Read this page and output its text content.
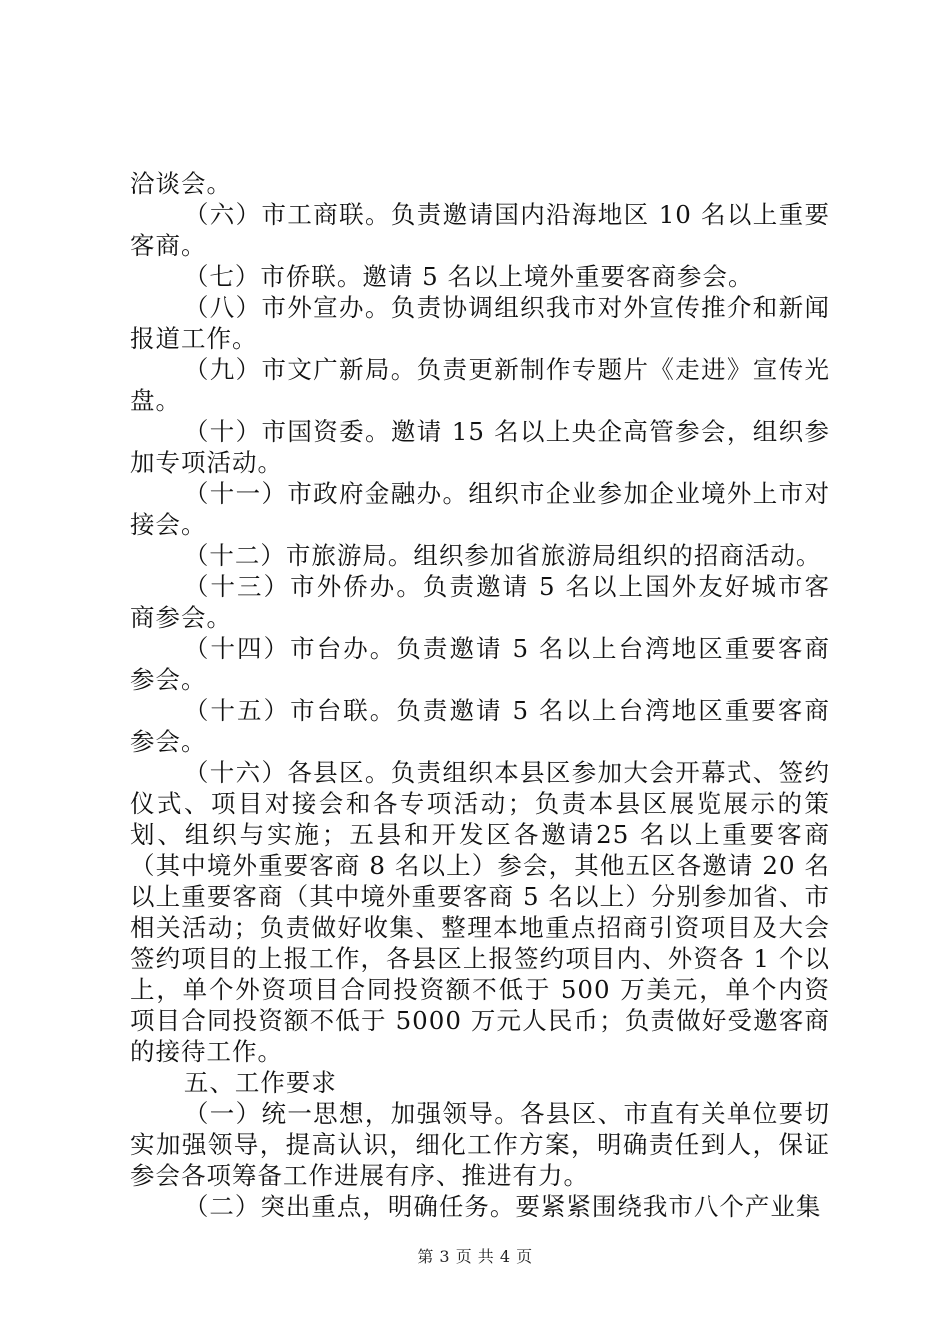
洽谈会。

（六）市工商联。负责邀请国内沿海地区 10 名以上重要客商。

（七）市侨联。邀请 5 名以上境外重要客商参会。

（八）市外宣办。负责协调组织我市对外宣传推介和新闻报道工作。

（九）市文广新局。负责更新制作专题片《走进》宣传光盘。

（十）市国资委。邀请 15 名以上央企高管参会，组织参加专项活动。

（十一）市政府金融办。组织市企业参加企业境外上市对接会。

（十二）市旅游局。组织参加省旅游局组织的招商活动。

（十三）市外侨办。负责邀请 5 名以上国外友好城市客商参会。

（十四）市台办。负责邀请 5 名以上台湾地区重要客商参会。

（十五）市台联。负责邀请 5 名以上台湾地区重要客商参会。

（十六）各县区。负责组织本县区参加大会开幕式、签约仪式、项目对接会和各专项活动；负责本县区展览展示的策划、组织与实施；五县和开发区各邀请25 名以上重要客商（其中境外重要客商 8 名以上）参会，其他五区各邀请 20 名以上重要客商（其中境外重要客商 5 名以上）分别参加省、市相关活动；负责做好收集、整理本地重点招商引资项目及大会签约项目的上报工作，各县区上报签约项目内、外资各 1 个以上，单个外资项目合同投资额不低于 500 万美元，单个内资项目合同投资额不低于 5000 万元人民币；负责做好受邀客商的接待工作。

五、工作要求

（一）统一思想，加强领导。各县区、市直有关单位要切实加强领导，提高认识，细化工作方案，明确责任到人，保证参会各项筹备工作进展有序、推进有力。

（二）突出重点，明确任务。要紧紧围绕我市八个产业集

第 3 页 共 4 页
